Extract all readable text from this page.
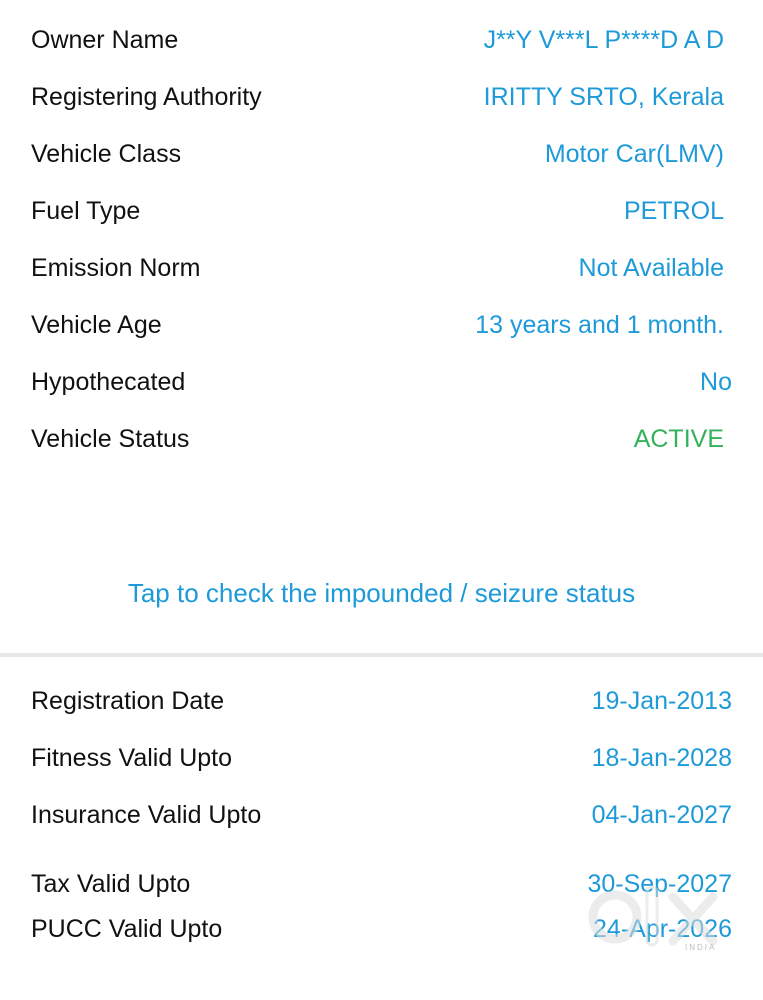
Owner Name	J**Y V***L P****D A D
Registering Authority	IRITTY SRTO, Kerala
Vehicle Class	Motor Car(LMV)
Fuel Type	PETROL
Emission Norm	Not Available
Vehicle Age	13 years and 1 month.
Hypothecated	No
Vehicle Status	ACTIVE
Tap to check the impounded / seizure status
Registration Date	19-Jan-2013
Fitness Valid Upto	18-Jan-2028
Insurance Valid Upto	04-Jan-2027
Tax Valid Upto	30-Sep-2027
PUCC Valid Upto	24-Apr-2026
INDIA
